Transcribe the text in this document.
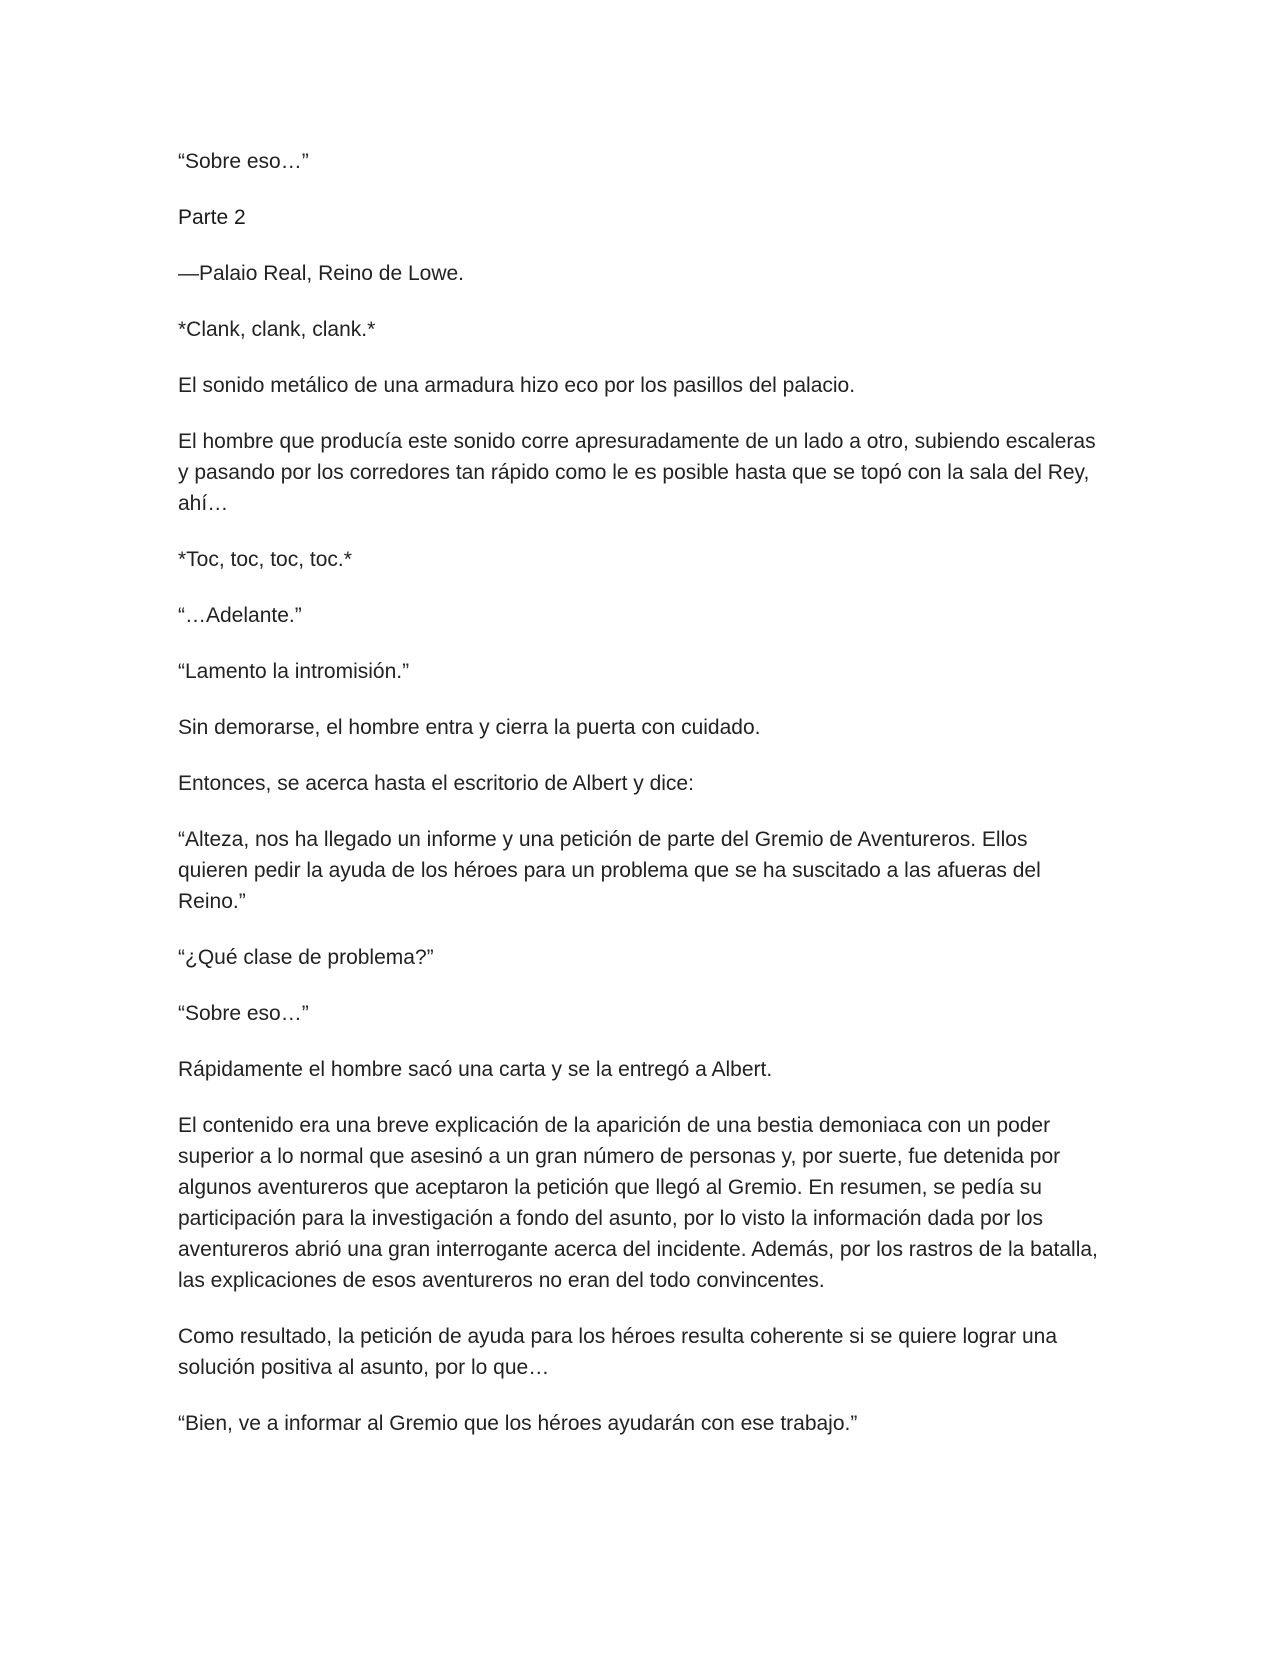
“Sobre eso…”

Parte 2

—Palaio Real, Reino de Lowe.

*Clank, clank, clank.*

El sonido metálico de una armadura hizo eco por los pasillos del palacio.

El hombre que producía este sonido corre apresuradamente de un lado a otro, subiendo escaleras y pasando por los corredores tan rápido como le es posible hasta que se topó con la sala del Rey, ahí…

*Toc, toc, toc, toc.*

“…Adelante.”

“Lamento la intromisión.”

Sin demorarse, el hombre entra y cierra la puerta con cuidado.

Entonces, se acerca hasta el escritorio de Albert y dice:

“Alteza, nos ha llegado un informe y una petición de parte del Gremio de Aventureros. Ellos quieren pedir la ayuda de los héroes para un problema que se ha suscitado a las afueras del Reino.”

“¿Qué clase de problema?”

“Sobre eso…”

Rápidamente el hombre sacó una carta y se la entregó a Albert.

El contenido era una breve explicación de la aparición de una bestia demoniaca con un poder superior a lo normal que asesinó a un gran número de personas y, por suerte, fue detenida por algunos aventureros que aceptaron la petición que llegó al Gremio. En resumen, se pedía su participación para la investigación a fondo del asunto, por lo visto la información dada por los aventureros abrió una gran interrogante acerca del incidente. Además, por los rastros de la batalla, las explicaciones de esos aventureros no eran del todo convincentes.

Como resultado, la petición de ayuda para los héroes resulta coherente si se quiere lograr una solución positiva al asunto, por lo que…

“Bien, ve a informar al Gremio que los héroes ayudarán con ese trabajo.”
